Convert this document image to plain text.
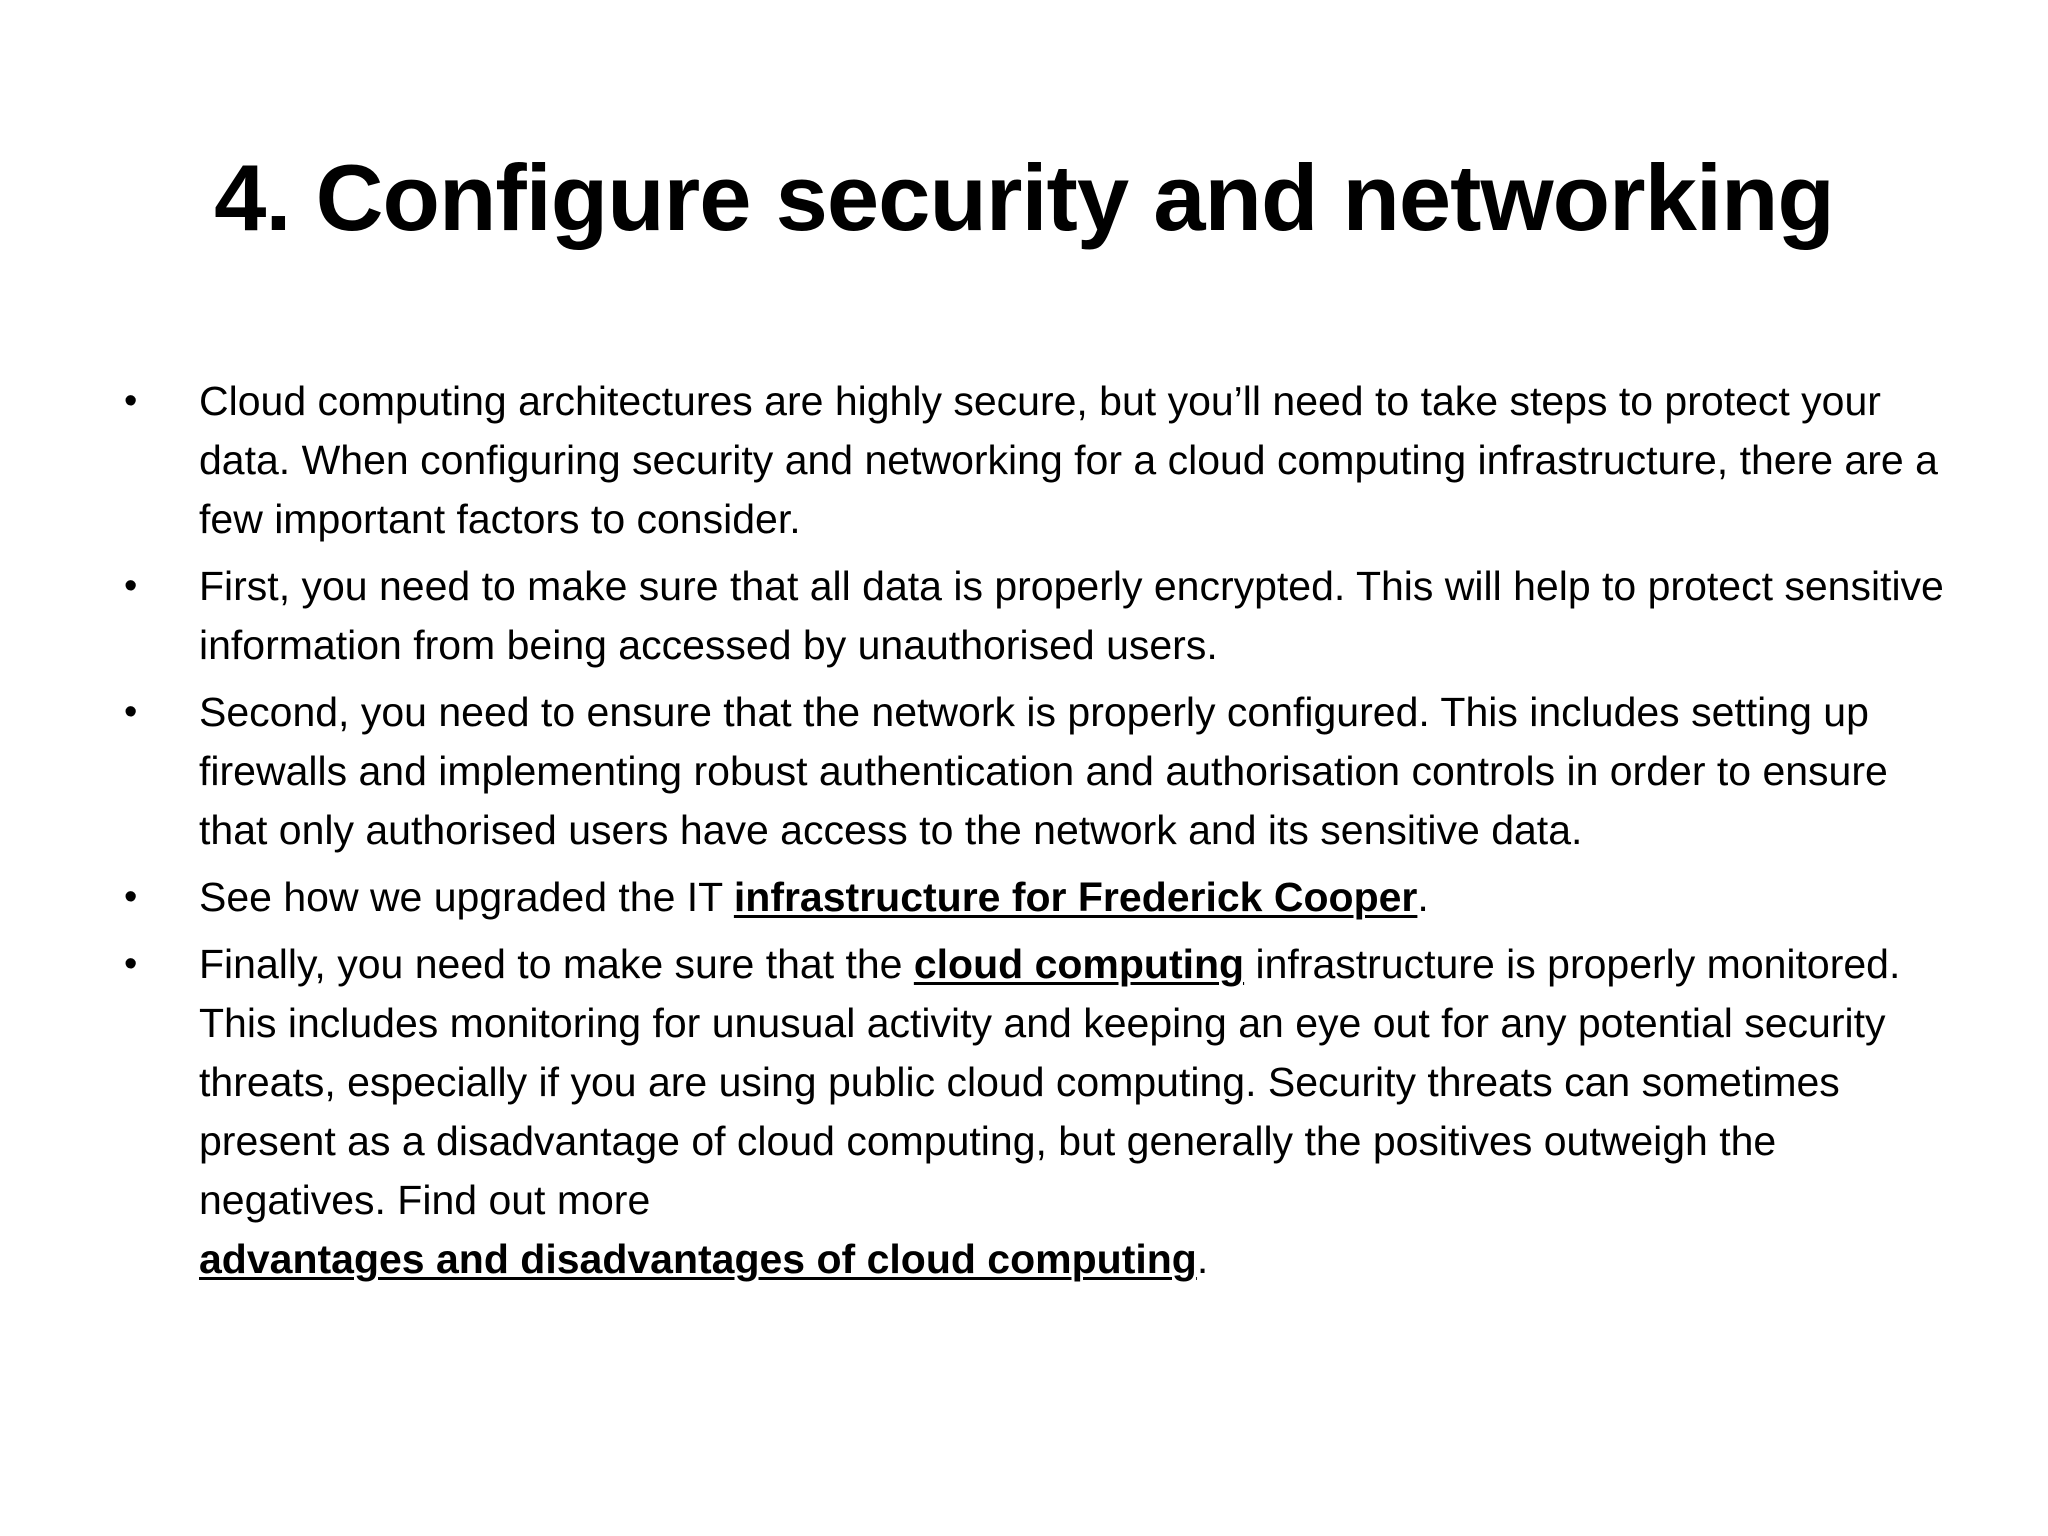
4. Configure security and networking
•	Cloud computing architectures are highly secure, but you’ll need to take steps to protect your data. When configuring security and networking for a cloud computing infrastructure, there are a few important factors to consider.
•	First, you need to make sure that all data is properly encrypted. This will help to protect sensitive information from being accessed by unauthorised users.
•	Second, you need to ensure that the network is properly configured. This includes setting up firewalls and implementing robust authentication and authorisation controls in order to ensure that only authorised users have access to the network and its sensitive data.
•	See how we upgraded the IT infrastructure for Frederick Cooper.
•	Finally, you need to make sure that the cloud computing infrastructure is properly monitored. This includes monitoring for unusual activity and keeping an eye out for any potential security threats, especially if you are using public cloud computing. Security threats can sometimes present as a disadvantage of cloud computing, but generally the positives outweigh the negatives. Find out more
advantages and disadvantages of cloud computing.
